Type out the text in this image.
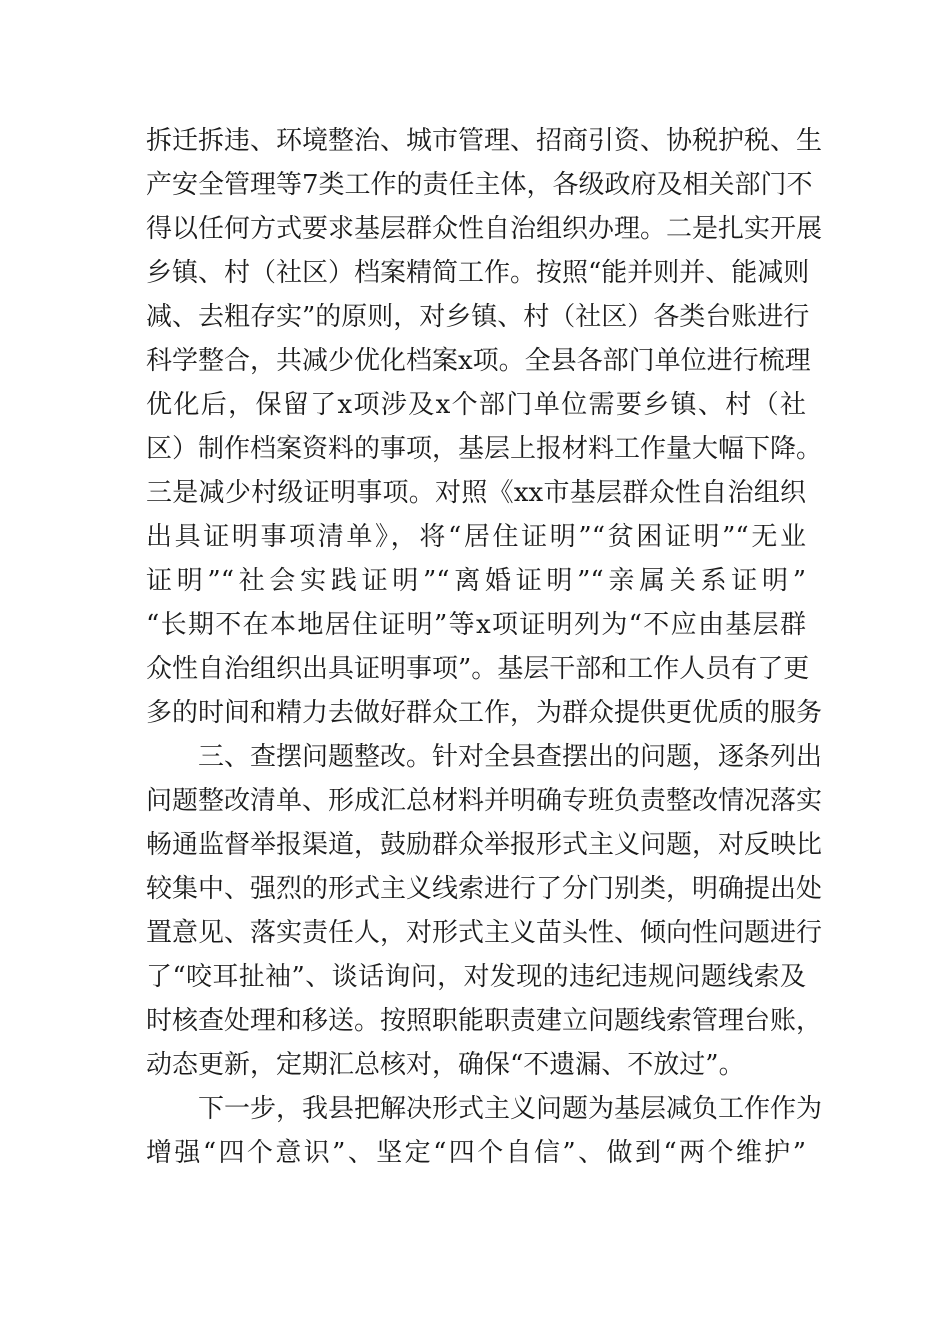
拆迁拆违、环境整治、城市管理、招商引资、协税护税、生
产安全管理等7类工作的责任主体，各级政府及相关部门不
得以任何方式要求基层群众性自治组织办理。二是扎实开展
乡镇、村（社区）档案精简工作。按照“能并则并、能减则
减、去粗存实”的原则，对乡镇、村（社区）各类台账进行
科学整合，共减少优化档案x项。全县各部门单位进行梳理
优化后，保留了x项涉及x个部门单位需要乡镇、村（社
区）制作档案资料的事项，基层上报材料工作量大幅下降。
三是减少村级证明事项。对照《xx市基层群众性自治组织
出具证明事项清单》，将“居住证明”“贫困证明”“无业
证明”“社会实践证明”“离婚证明”“亲属关系证明”
“长期不在本地居住证明”等x项证明列为“不应由基层群
众性自治组织出具证明事项”。基层干部和工作人员有了更
多的时间和精力去做好群众工作，为群众提供更优质的服务
三、查摆问题整改。针对全县查摆出的问题，逐条列出
问题整改清单、形成汇总材料并明确专班负责整改情况落实
畅通监督举报渠道，鼓励群众举报形式主义问题，对反映比
较集中、强烈的形式主义线索进行了分门别类，明确提出处
置意见、落实责任人，对形式主义苗头性、倾向性问题进行
了“咬耳扯袖”、谈话询问，对发现的违纪违规问题线索及
时核查处理和移送。按照职能职责建立问题线索管理台账，
动态更新，定期汇总核对，确保“不遗漏、不放过”。
下一步，我县把解决形式主义问题为基层减负工作作为
增强“四个意识”、坚定“四个自信”、做到“两个维护”
